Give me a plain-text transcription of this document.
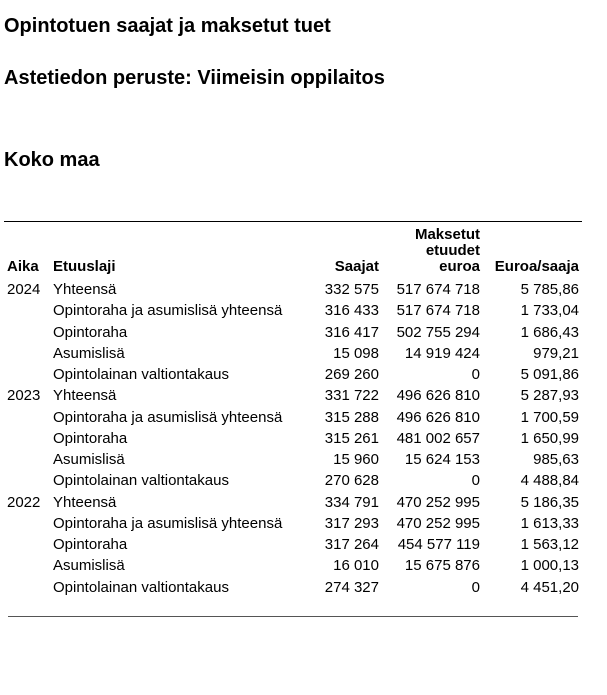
Opintotuen saajat ja maksetut tuet
Astetiedon peruste: Viimeisin oppilaitos
Koko maa
Aika	Etuuslaji	Saajat	Maksetut
etuudet
euroa	Euroa/saaja
2024	Yhteensä	332 575	517 674 718	5 785,86
	Opintoraha ja asumislisä yhteensä	316 433	517 674 718	1 733,04
	Opintoraha	316 417	502 755 294	1 686,43
	Asumislisä	15 098	14 919 424	979,21
	Opintolainan valtiontakaus	269 260	0	5 091,86
2023	Yhteensä	331 722	496 626 810	5 287,93
	Opintoraha ja asumislisä yhteensä	315 288	496 626 810	1 700,59
	Opintoraha	315 261	481 002 657	1 650,99
	Asumislisä	15 960	15 624 153	985,63
	Opintolainan valtiontakaus	270 628	0	4 488,84
2022	Yhteensä	334 791	470 252 995	5 186,35
	Opintoraha ja asumislisä yhteensä	317 293	470 252 995	1 613,33
	Opintoraha	317 264	454 577 119	1 563,12
	Asumislisä	16 010	15 675 876	1 000,13
	Opintolainan valtiontakaus	274 327	0	4 451,20
